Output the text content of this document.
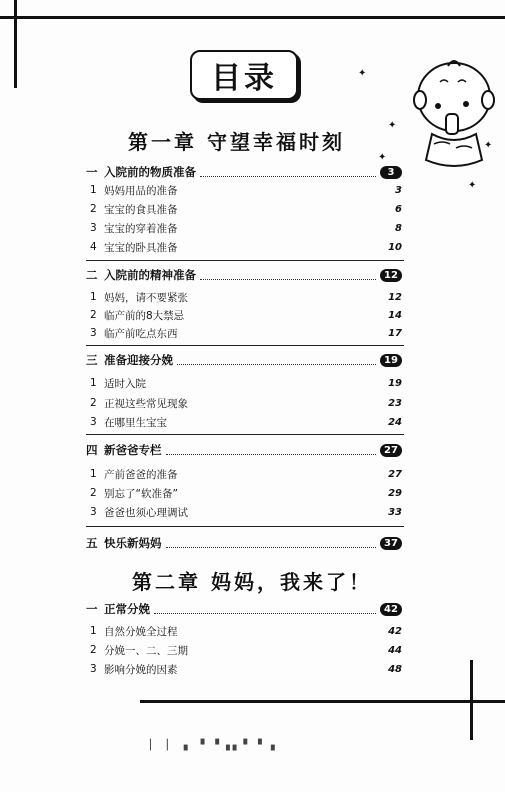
目录	✦
✦
✦
✦
✦
第一章 守望幸福时刻
一 入院前的物质准备	3
1 妈妈用品的准备	3
2 宝宝的食具准备	6
3 宝宝的穿着准备	8
4 宝宝的卧具准备	10
二 入院前的精神准备	12
1 妈妈，请不要紧张	12
2 临产前的8大禁忌	14
3 临产前吃点东西	17
三 准备迎接分娩	19
1 适时入院	19
2 正视这些常见现象	23
3 在哪里生宝宝	24
四 新爸爸专栏	27
1 产前爸爸的准备	27
2 别忘了“软准备”	29
3 爸爸也须心理调试	33
五 快乐新妈妈	37
第二章 妈妈，我来了！
一 正常分娩	42
1 自然分娩全过程	42
2 分娩一、二、三期	44
3 影响分娩的因素	48
▏ ▏ ▖ ▘▝▗▖▘▝ ▖
